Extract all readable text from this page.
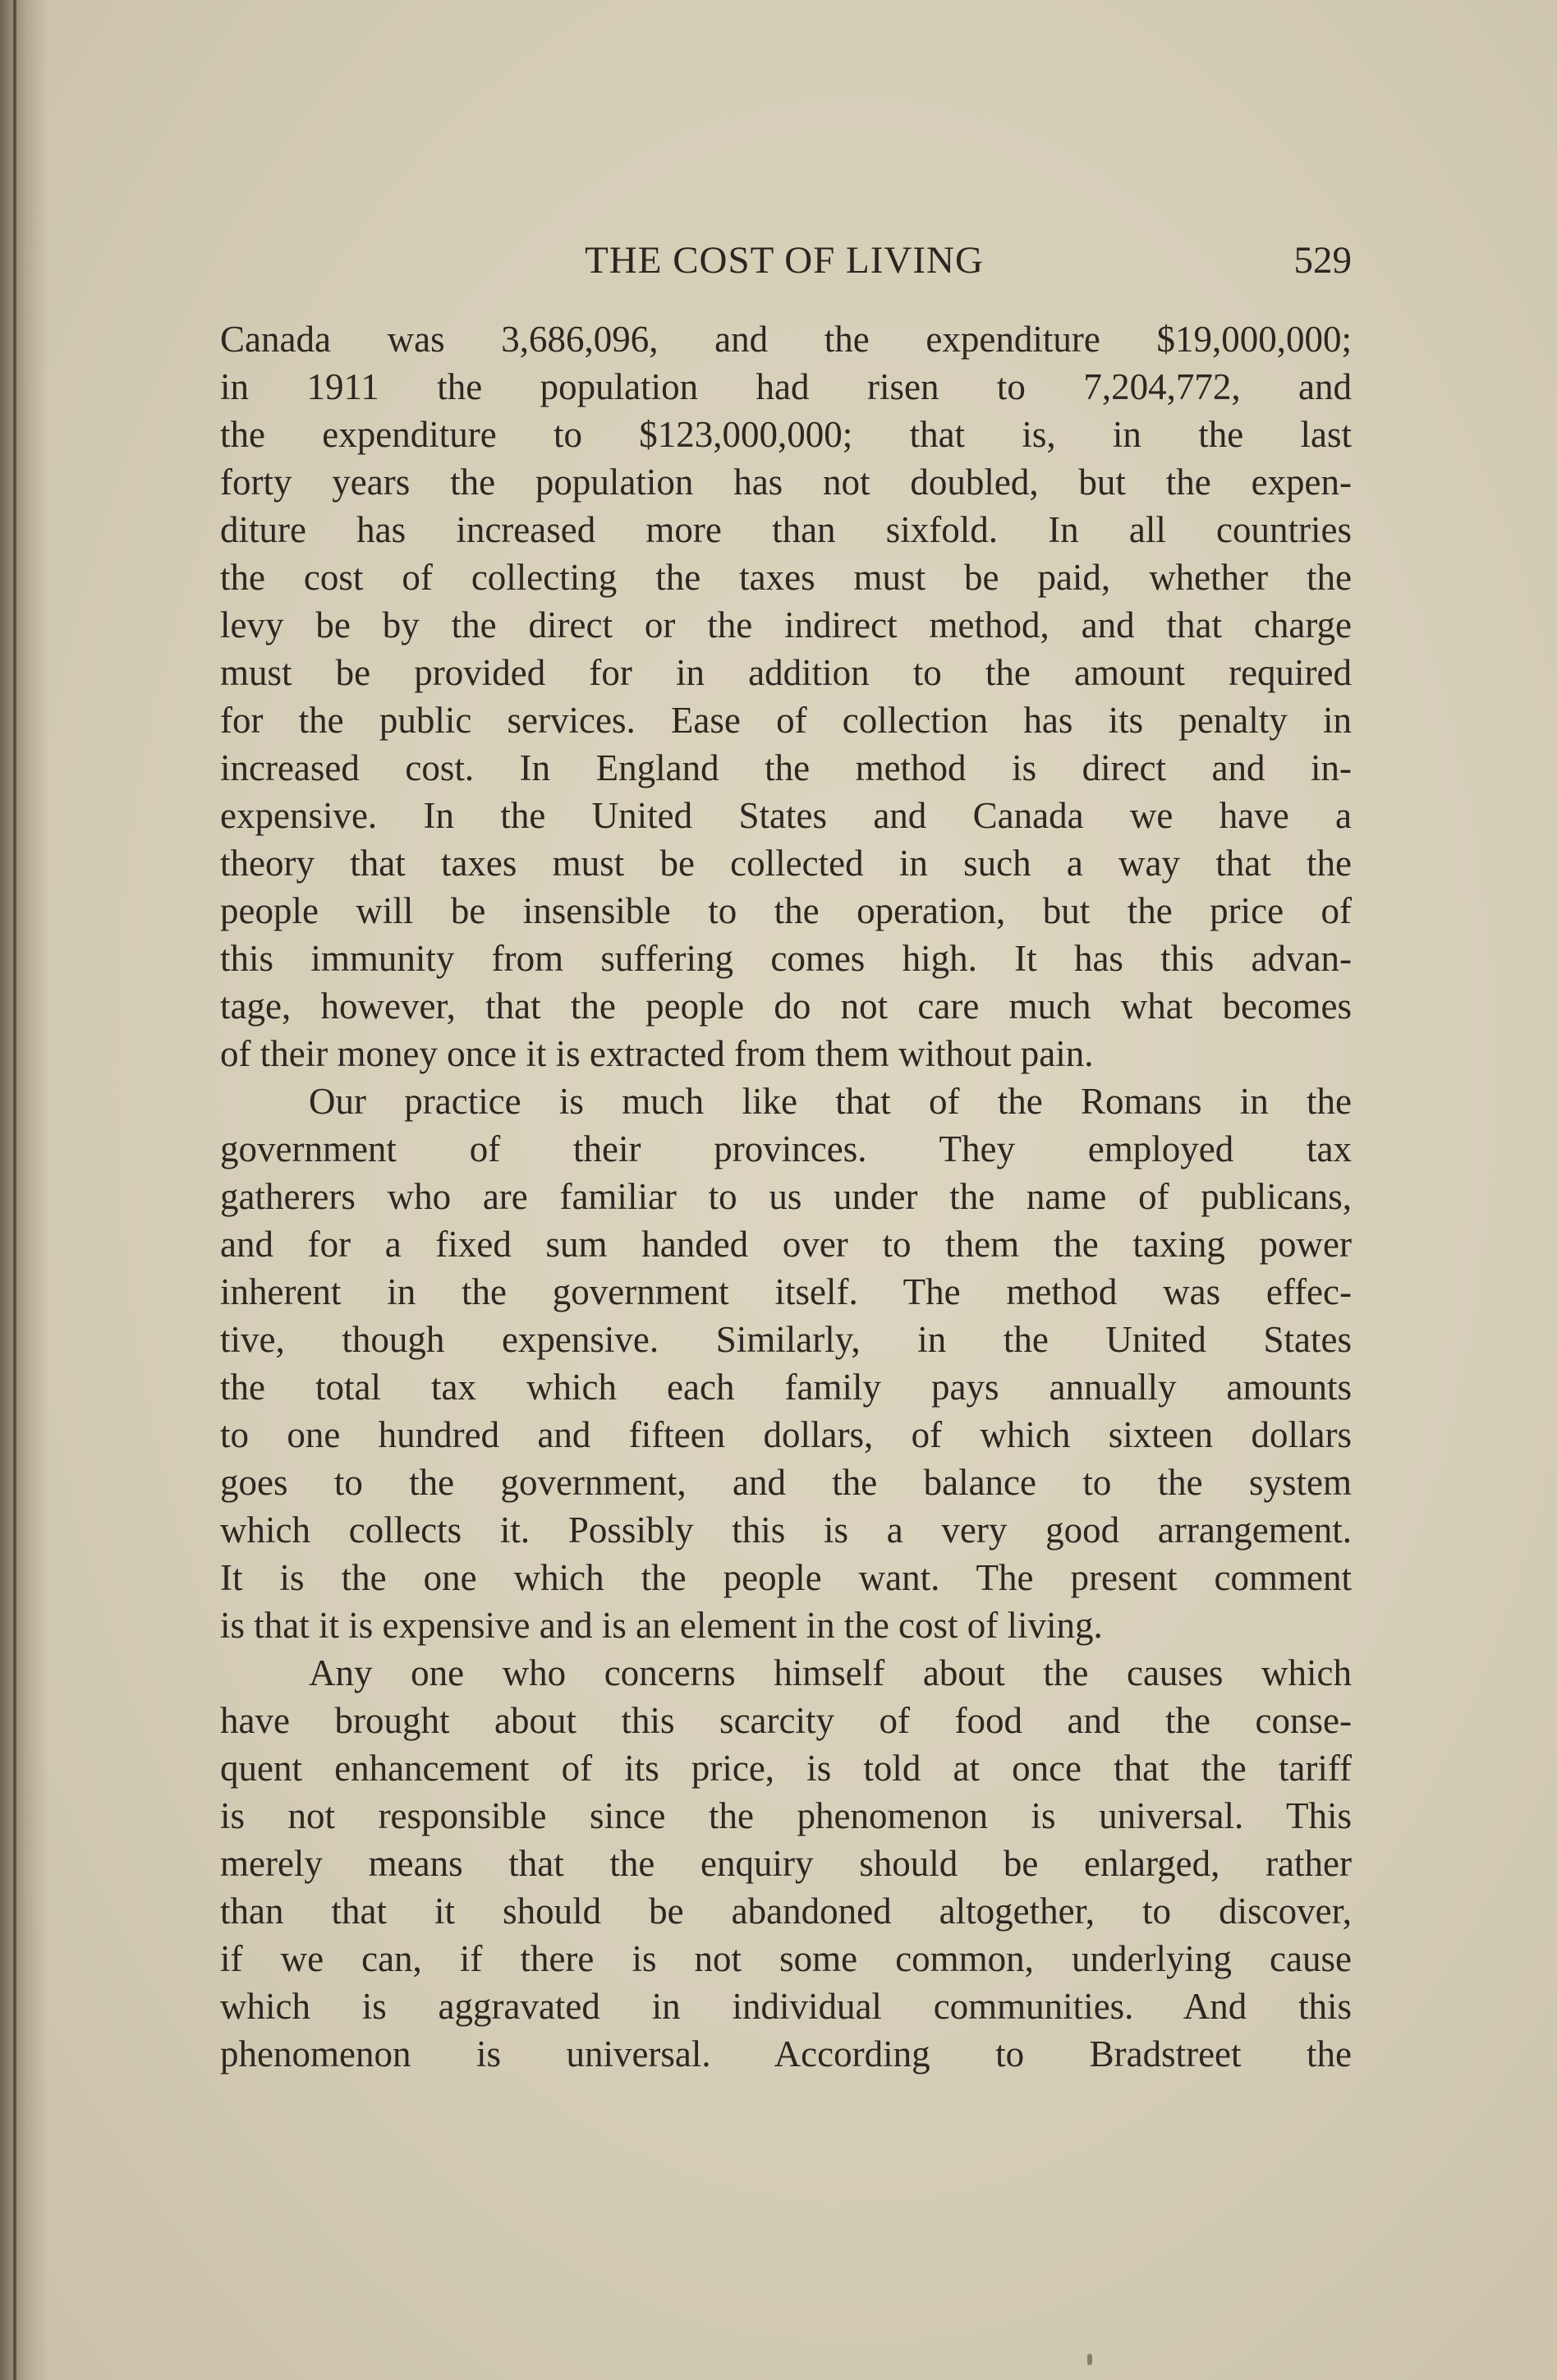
THE COST OF LIVING	529
Canada was 3,686,096, and the expenditure $19,000,000;
in 1911 the population had risen to 7,204,772, and
the expenditure to $123,000,000; that is, in the last
forty years the population has not doubled, but the expen-
diture has increased more than sixfold. In all countries
the cost of collecting the taxes must be paid, whether the
levy be by the direct or the indirect method, and that charge
must be provided for in addition to the amount required
for the public services. Ease of collection has its penalty in
increased cost. In England the method is direct and in-
expensive. In the United States and Canada we have a
theory that taxes must be collected in such a way that the
people will be insensible to the operation, but the price of
this immunity from suffering comes high. It has this advan-
tage, however, that the people do not care much what becomes
of their money once it is extracted from them without pain.
Our practice is much like that of the Romans in the
government of their provinces. They employed tax
gatherers who are familiar to us under the name of publicans,
and for a fixed sum handed over to them the taxing power
inherent in the government itself. The method was effec-
tive, though expensive. Similarly, in the United States
the total tax which each family pays annually amounts
to one hundred and fifteen dollars, of which sixteen dollars
goes to the government, and the balance to the system
which collects it. Possibly this is a very good arrangement.
It is the one which the people want. The present comment
is that it is expensive and is an element in the cost of living.
Any one who concerns himself about the causes which
have brought about this scarcity of food and the conse-
quent enhancement of its price, is told at once that the tariff
is not responsible since the phenomenon is universal. This
merely means that the enquiry should be enlarged, rather
than that it should be abandoned altogether, to discover,
if we can, if there is not some common, underlying cause
which is aggravated in individual communities. And this
phenomenon is universal. According to Bradstreet the
